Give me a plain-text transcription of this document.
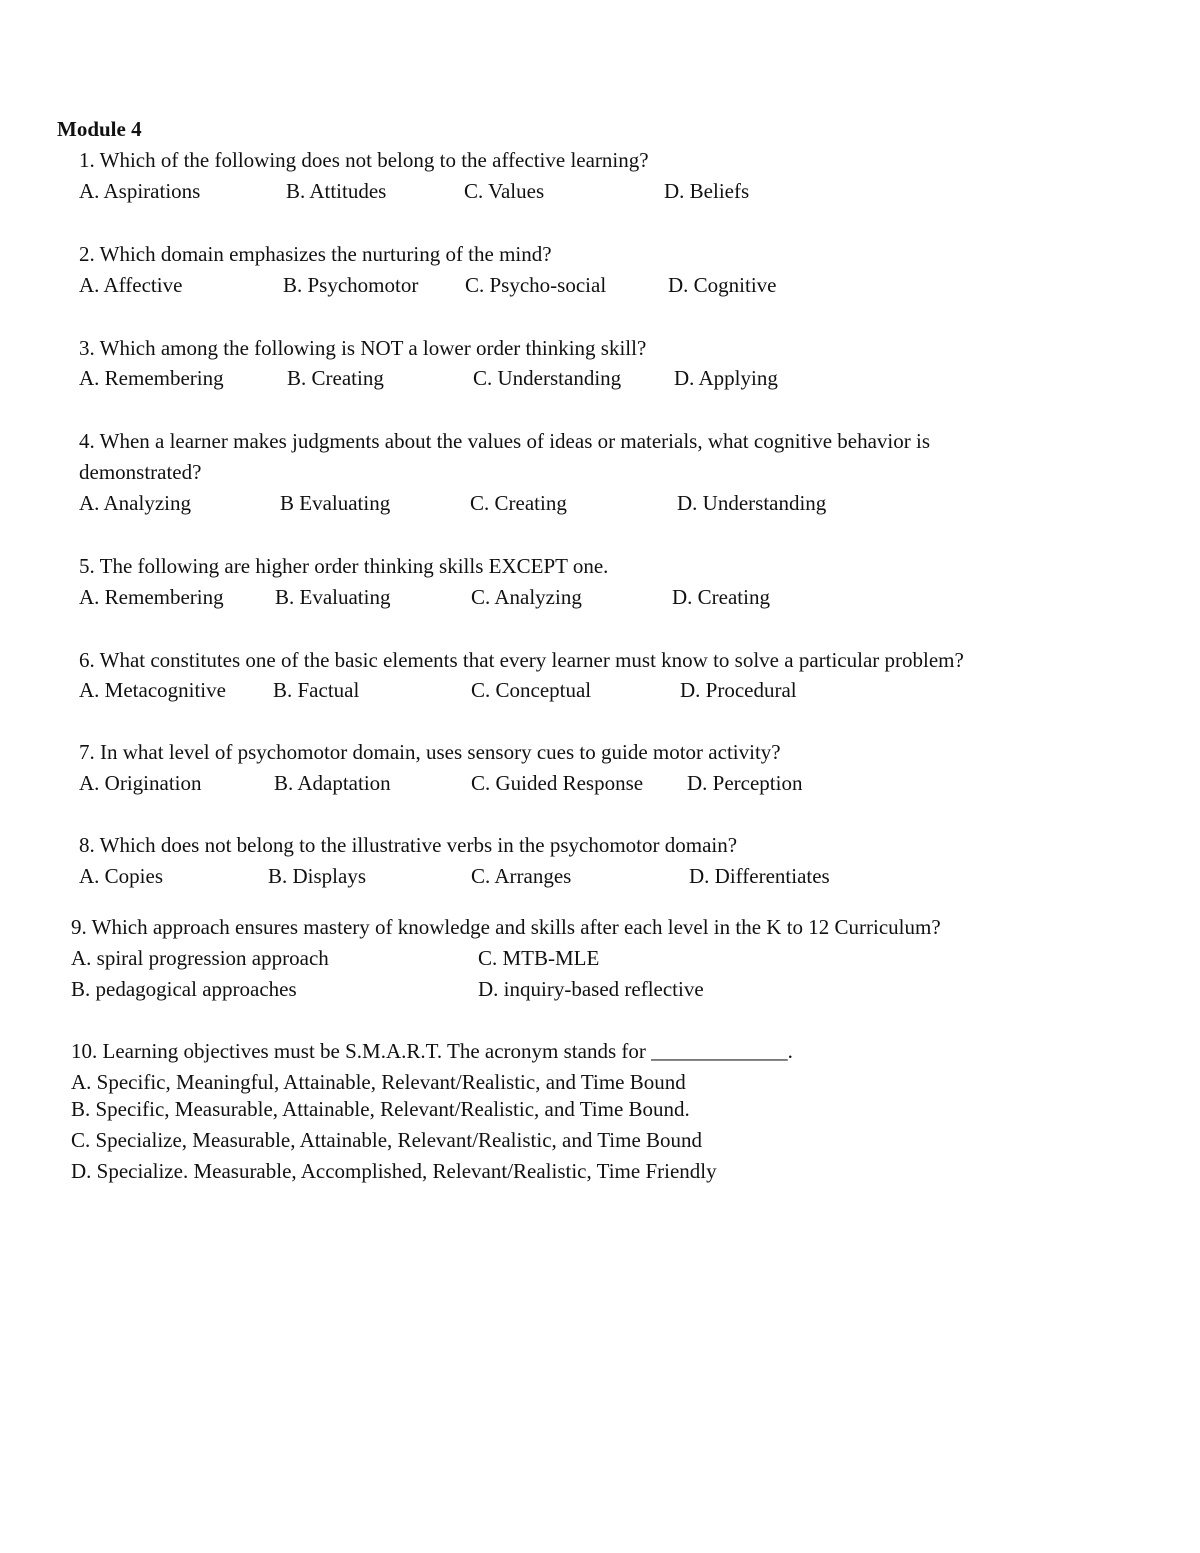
Module 4
1. Which of the following does not belong to the affective learning?
A. Aspirations	B. Attitudes	C. Values	D. Beliefs
2. Which domain emphasizes the nurturing of the mind?
A. Affective	B. Psychomotor C. Psycho-social	D. Cognitive
3. Which among the following is NOT a lower order thinking skill?
A. Remembering	B. Creating	C. Understanding	D. Applying
4. When a learner makes judgments about the values of ideas or materials, what cognitive behavior is
demonstrated?
A. Analyzing	B Evaluating	C. Creating	D. Understanding
5. The following are higher order thinking skills EXCEPT one.
A. Remembering B. Evaluating	C. Analyzing	D. Creating
6. What constitutes one of the basic elements that every learner must know to solve a particular problem?
A. Metacognitive B. Factual	C. Conceptual	D. Procedural
7. In what level of psychomotor domain, uses sensory cues to guide motor activity?
A. Origination	B. Adaptation	C. Guided Response D. Perception
8. Which does not belong to the illustrative verbs in the psychomotor domain?
A. Copies	B. Displays	C. Arranges	D. Differentiates
9. Which approach ensures mastery of knowledge and skills after each level in the K to 12 Curriculum?
A. spiral progression approach	C. MTB-MLE
B. pedagogical approaches	D. inquiry-based reflective
10. Learning objectives must be S.M.A.R.T. The acronym stands for _____________.
A. Specific, Meaningful, Attainable, Relevant/Realistic, and Time Bound
B. Specific, Measurable, Attainable, Relevant/Realistic, and Time Bound.
C. Specialize, Measurable, Attainable, Relevant/Realistic, and Time Bound
D. Specialize. Measurable, Accomplished, Relevant/Realistic, Time Friendly
